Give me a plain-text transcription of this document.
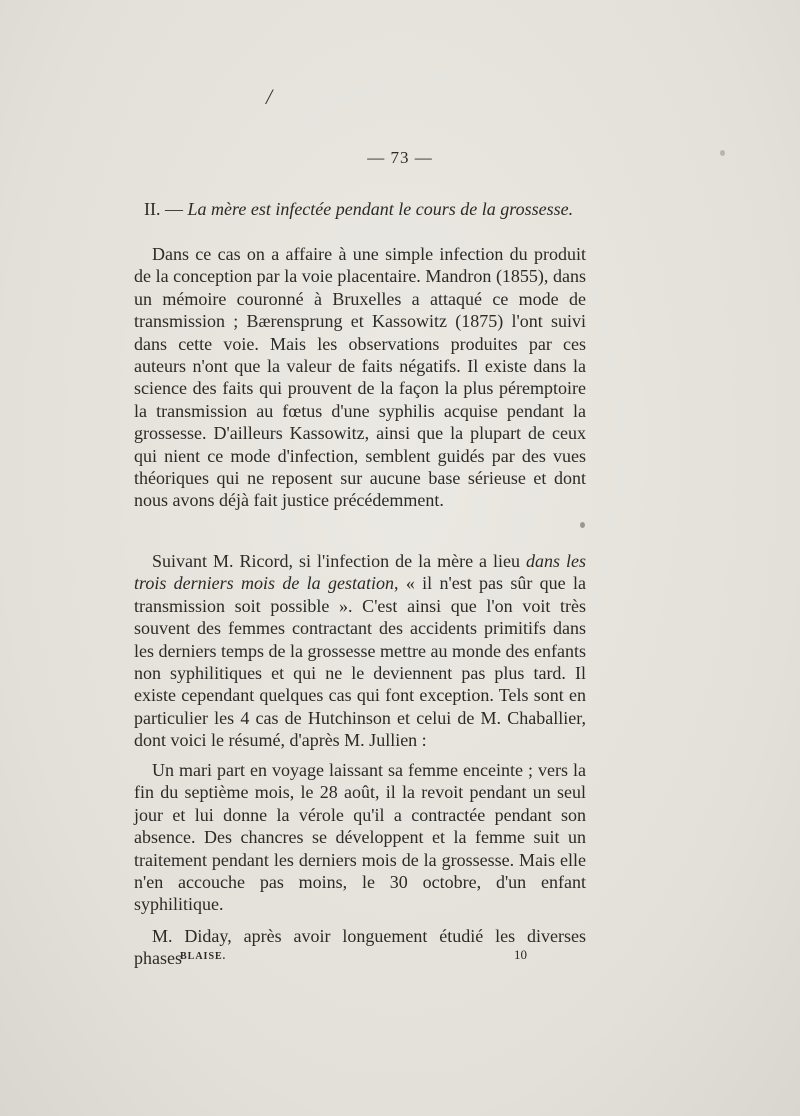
/
— 73 —
II. — La mère est infectée pendant le cours de la grossesse.

Dans ce cas on a affaire à une simple infection du produit de la conception par la voie placentaire. Mandron (1855), dans un mémoire couronné à Bruxelles a attaqué ce mode de transmission ; Bærensprung et Kassowitz (1875) l'ont suivi dans cette voie. Mais les observations produites par ces auteurs n'ont que la valeur de faits négatifs. Il existe dans la science des faits qui prouvent de la façon la plus péremptoire la transmission au fœtus d'une syphilis acquise pendant la grossesse. D'ailleurs Kassowitz, ainsi que la plupart de ceux qui nient ce mode d'infection, semblent guidés par des vues théoriques qui ne reposent sur aucune base sérieuse et dont nous avons déjà fait justice précédemment.

Suivant M. Ricord, si l'infection de la mère a lieu dans les trois derniers mois de la gestation, « il n'est pas sûr que la transmission soit possible ». C'est ainsi que l'on voit très souvent des femmes contractant des accidents primitifs dans les derniers temps de la grossesse mettre au monde des enfants non syphilitiques et qui ne le deviennent pas plus tard. Il existe cependant quelques cas qui font exception. Tels sont en particulier les 4 cas de Hutchinson et celui de M. Chaballier, dont voici le résumé, d'après M. Jullien :

Un mari part en voyage laissant sa femme enceinte ; vers la fin du septième mois, le 28 août, il la revoit pendant un seul jour et lui donne la vérole qu'il a contractée pendant son absence. Des chancres se développent et la femme suit un traitement pendant les derniers mois de la grossesse. Mais elle n'en accouche pas moins, le 30 octobre, d'un enfant syphilitique.

M. Diday, après avoir longuement étudié les diverses phases

BLAISE.	10
